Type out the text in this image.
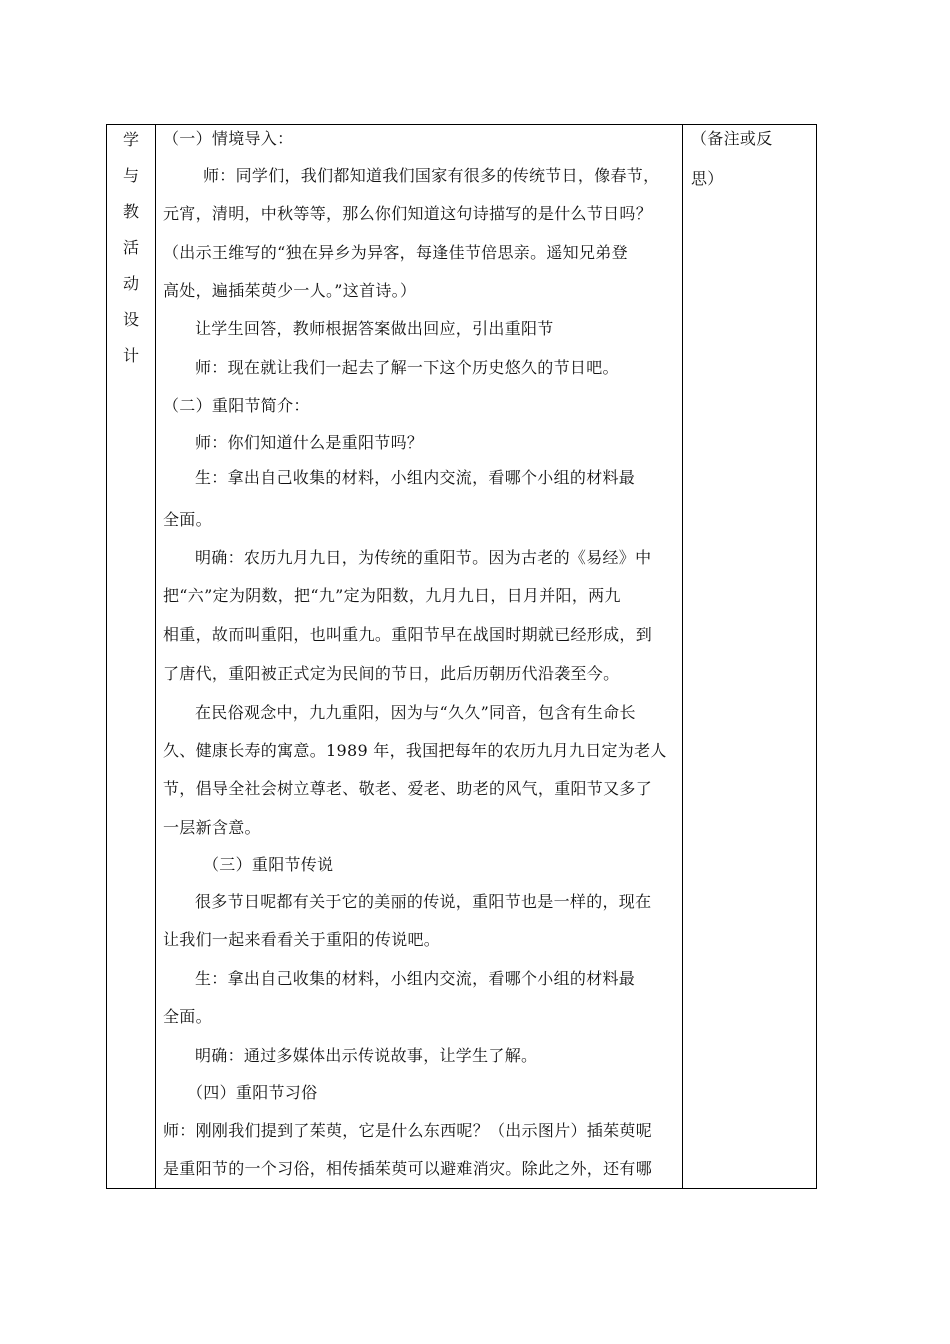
学
与
教
活
动
设
计
（一）情境导入：
师：同学们，我们都知道我们国家有很多的传统节日，像春节，
元宵，清明，中秋等等，那么你们知道这句诗描写的是什么节日吗？
（出示王维写的“独在异乡为异客，每逢佳节倍思亲。遥知兄弟登
高处，遍插茱萸少一人。”这首诗。）
让学生回答，教师根据答案做出回应，引出重阳节
师：现在就让我们一起去了解一下这个历史悠久的节日吧。
（二）重阳节简介：
师：你们知道什么是重阳节吗？
生：拿出自己收集的材料，小组内交流，看哪个小组的材料最
全面。
明确：农历九月九日，为传统的重阳节。因为古老的《易经》中
把“六”定为阴数，把“九”定为阳数，九月九日，日月并阳，两九
相重，故而叫重阳，也叫重九。重阳节早在战国时期就已经形成，到
了唐代，重阳被正式定为民间的节日，此后历朝历代沿袭至今。
在民俗观念中，九九重阳，因为与“久久”同音，包含有生命长
久、健康长寿的寓意。1989 年，我国把每年的农历九月九日定为老人
节，倡导全社会树立尊老、敬老、爱老、助老的风气，重阳节又多了
一层新含意。
（三）重阳节传说
很多节日呢都有关于它的美丽的传说，重阳节也是一样的，现在
让我们一起来看看关于重阳的传说吧。
生：拿出自己收集的材料，小组内交流，看哪个小组的材料最
全面。
明确：通过多媒体出示传说故事，让学生了解。
（四）重阳节习俗
师：刚刚我们提到了茱萸，它是什么东西呢？（出示图片）插茱萸呢
是重阳节的一个习俗，相传插茱萸可以避难消灾。除此之外，还有哪
（备注或反
思）
